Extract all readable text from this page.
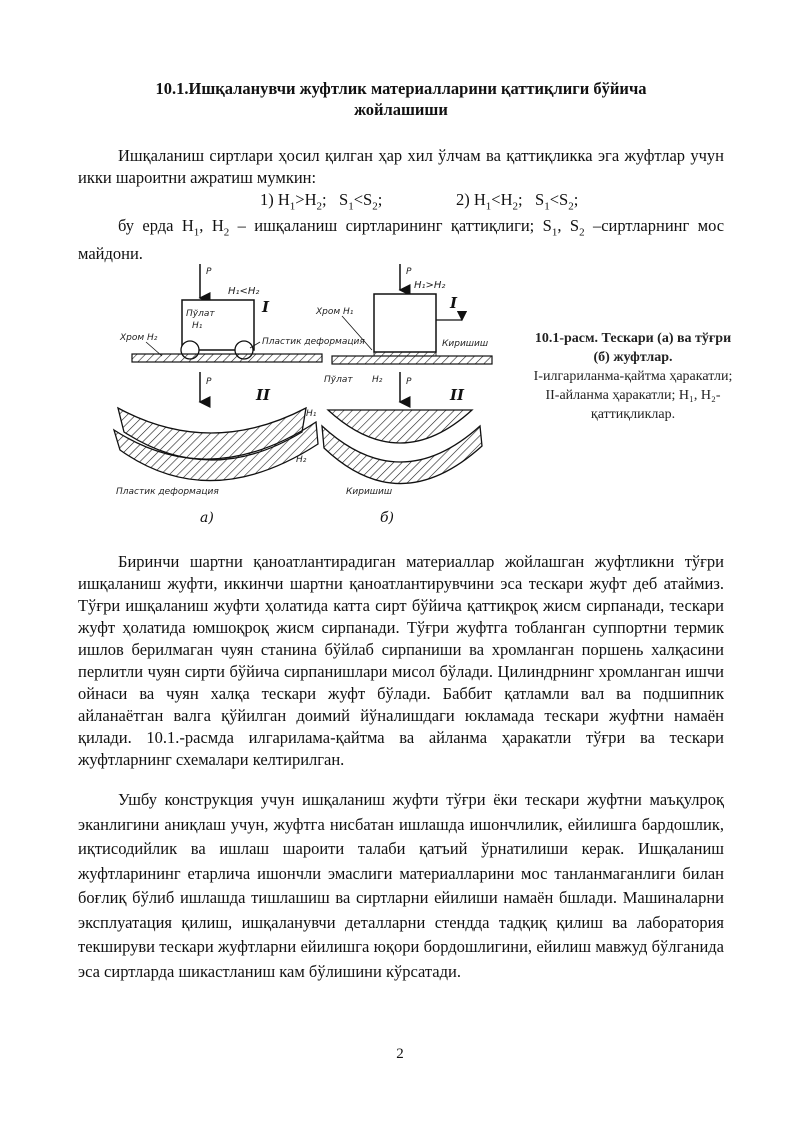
10.1.Ишқаланувчи жуфтлик материалларини қаттиқлиги бўйича
жойлашиши

Ишқаланиш сиртлари ҳосил қилган ҳар хил ўлчам ва қаттиқликка эга жуфтлар учун икки шароитни ажратиш мумкин:

1) $H_1>H_2$; $S_1<S_2$;	2) $H_1<H_2$; $S_1<S_2$;

бу ерда $H_1$, $H_2$ – ишқаланиш сиртларининг қаттиқлиги; $S_1$, $S_2$ –сиртларнинг мос майдони.

P
H₁<H₂
Пўлат
H₁
I
Хром H₂	Пластик деформация
P
H₁>H₂
I
Хром H₁
Киришиш
Пўлат H₂
P
II
H₂
Пластик деформация
а)
P
II
H₁
Киришиш
б)
10.1-расм. Тескари (а) ва тўғри (б) жуфтлар.
I-илгариланма-қайтма ҳаракатли; II-айланма ҳаракатли; H₁, H₂-қаттиқликлар.

Биринчи шартни қаноатлантирадиган материаллар жойлашган жуфтликни тўғри ишқаланиш жуфти, иккинчи шартни қаноатлантирувчини эса тескари жуфт деб атаймиз. Тўғри ишқаланиш жуфти ҳолатида катта сирт бўйича қаттиқроқ жисм сирпанади, тескари жуфт ҳолатида юмшоқроқ жисм сирпанади. Тўғри жуфтга тобланган суппортни термик ишлов берилмаган чуян станина бўйлаб сирпаниши ва хромланган поршень халқасини перлитли чуян сирти бўйича сирпанишлари мисол бўлади. Цилиндрнинг хромланган ишчи ойнаси ва чуян халқа тескари жуфт бўлади. Баббит қатламли вал ва подшипник айланаётган валга қўйилган доимий йўналишдаги юкламада тескари жуфтни намаён қилади. 10.1.-расмда илгарилама-қайтма ва айланма ҳаракатли тўғри ва тескари жуфтларнинг схемалари келтирилган.

Ушбу конструкция учун ишқаланиш жуфти тўғри ёки тескари жуфтни маъқулроқ эканлигини аниқлаш учун, жуфтга нисбатан ишлашда ишончлилик, ейилишга бардошлик, иқтисодийлик ва ишлаш шароити талаби қатъий ўрнатилиши керак. Ишқаланиш жуфтларининг етарлича ишончли эмаслиги материалларини мос танланмаганлиги билан боғлиқ бўлиб ишлашда тишлашиш ва сиртларни ейилиши намаён бшлади. Машиналарни эксплуатация қилиш, ишқаланувчи деталларни стендда тадқиқ қилиш ва лаборатория текшируви тескари жуфтларни ейилишга юқори бордошлигини, ейилиш мавжуд бўлганида эса сиртларда шикастланиш кам бўлишини кўрсатади.

2
